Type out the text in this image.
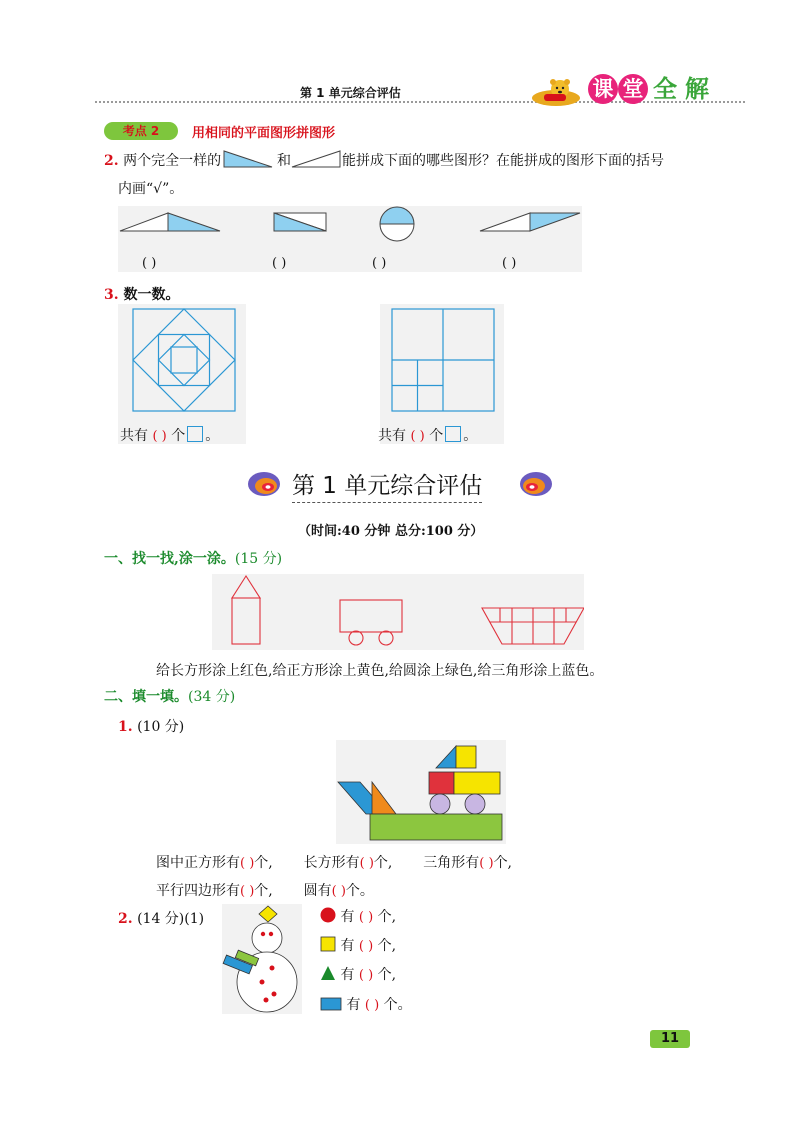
第 1 单元综合评估	课 堂 全 解
考点 2	用相同的平面图形拼图形
2. 两个完全一样的	和	能拼成下面的哪些图形？在能拼成的图形下面的括号
内画“√”。
( )	( )	( )	( )
3. 数一数。
共有 ( ) 个 。	共有 ( ) 个 。
第 1 单元综合评估
（时间:40 分钟 总分:100 分）
一、找一找,涂一涂。(15 分)
给长方形涂上红色,给正方形涂上黄色,给圆涂上绿色,给三角形涂上蓝色。
二、填一填。(34 分)
1. (10 分)
图中正方形有( )个, 长方形有( )个, 三角形有( )个,
平行四边形有( )个, 圆有( )个。
2. (14 分)(1)	有 ( ) 个,
有 ( ) 个,
有 ( ) 个,
有 ( ) 个。
11
